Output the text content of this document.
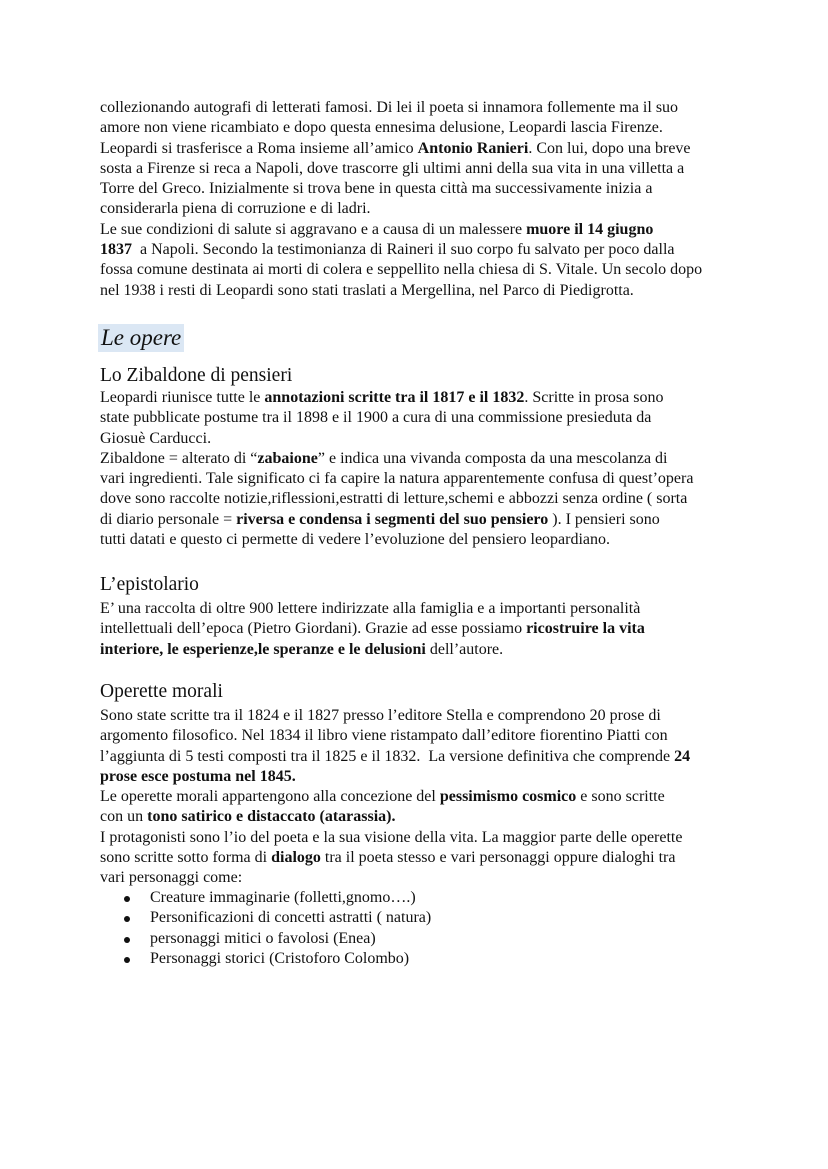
collezionando autografi di letterati famosi. Di lei il poeta si innamora follemente ma il suo
amore non viene ricambiato e dopo questa ennesima delusione, Leopardi lascia Firenze.
Leopardi si trasferisce a Roma insieme all’amico Antonio Ranieri. Con lui, dopo una breve
sosta a Firenze si reca a Napoli, dove trascorre gli ultimi anni della sua vita in una villetta a
Torre del Greco. Inizialmente si trova bene in questa città ma successivamente inizia a
considerarla piena di corruzione e di ladri.
Le sue condizioni di salute si aggravano e a causa di un malessere muore il 14 giugno
1837  a Napoli. Secondo la testimonianza di Raineri il suo corpo fu salvato per poco dalla
fossa comune destinata ai morti di colera e seppellito nella chiesa di S. Vitale. Un secolo dopo
nel 1938 i resti di Leopardi sono stati traslati a Mergellina, nel Parco di Piedigrotta.
Le opere
Lo Zibaldone di pensieri
Leopardi riunisce tutte le annotazioni scritte tra il 1817 e il 1832. Scritte in prosa sono
state pubblicate postume tra il 1898 e il 1900 a cura di una commissione presieduta da
Giosuè Carducci.
Zibaldone = alterato di “zabaione” e indica una vivanda composta da una mescolanza di
vari ingredienti. Tale significato ci fa capire la natura apparentemente confusa di quest’opera
dove sono raccolte notizie,riflessioni,estratti di letture,schemi e abbozzi senza ordine ( sorta
di diario personale = riversa e condensa i segmenti del suo pensiero ). I pensieri sono
tutti datati e questo ci permette di vedere l’evoluzione del pensiero leopardiano.
L’epistolario
E’ una raccolta di oltre 900 lettere indirizzate alla famiglia e a importanti personalità
intellettuali dell’epoca (Pietro Giordani). Grazie ad esse possiamo ricostruire la vita
interiore, le esperienze,le speranze e le delusioni dell’autore.
Operette morali
Sono state scritte tra il 1824 e il 1827 presso l’editore Stella e comprendono 20 prose di
argomento filosofico. Nel 1834 il libro viene ristampato dall’editore fiorentino Piatti con
l’aggiunta di 5 testi composti tra il 1825 e il 1832.  La versione definitiva che comprende 24
prose esce postuma nel 1845.
Le operette morali appartengono alla concezione del pessimismo cosmico e sono scritte
con un tono satirico e distaccato (atarassia).
I protagonisti sono l’io del poeta e la sua visione della vita. La maggior parte delle operette
sono scritte sotto forma di dialogo tra il poeta stesso e vari personaggi oppure dialoghi tra
vari personaggi come:
Creature immaginarie (folletti,gnomo….)
Personificazioni di concetti astratti ( natura)
personaggi mitici o favolosi (Enea)
Personaggi storici (Cristoforo Colombo)
